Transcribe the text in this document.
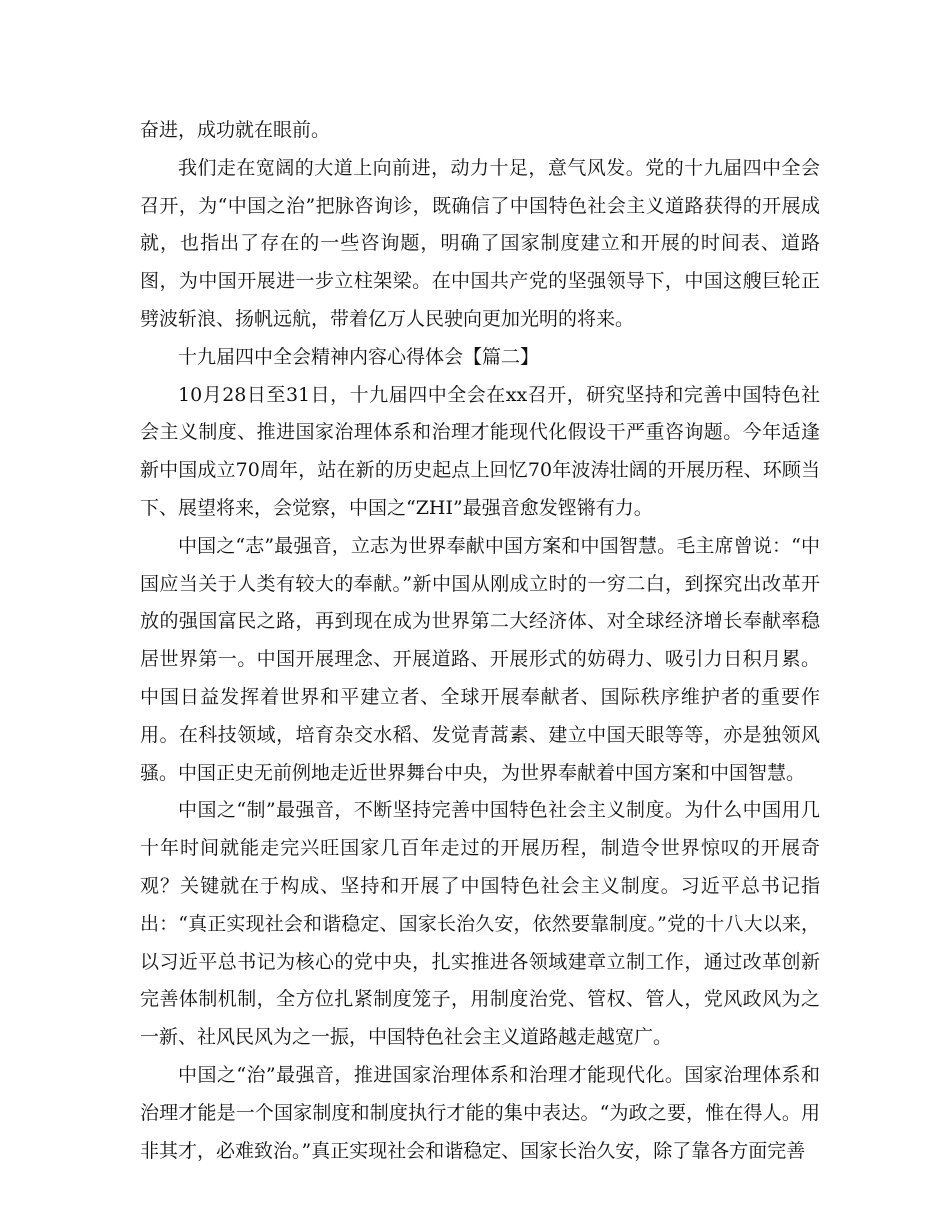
奋进，成功就在眼前。

我们走在宽阔的大道上向前进，动力十足，意气风发。党的十九届四中全会召开，为“中国之治”把脉咨询诊，既确信了中国特色社会主义道路获得的开展成就，也指出了存在的一些咨询题，明确了国家制度建立和开展的时间表、道路图，为中国开展进一步立柱架梁。在中国共产党的坚强领导下，中国这艘巨轮正劈波斩浪、扬帆远航，带着亿万人民驶向更加光明的将来。

十九届四中全会精神内容心得体会【篇二】

10月28日至31日，十九届四中全会在xx召开，研究坚持和完善中国特色社会主义制度、推进国家治理体系和治理才能现代化假设干严重咨询题。今年适逢新中国成立70周年，站在新的历史起点上回忆70年波涛壮阔的开展历程、环顾当下、展望将来，会觉察，中国之“ZHI”最强音愈发铿锵有力。

中国之“志”最强音，立志为世界奉献中国方案和中国智慧。毛主席曾说：“中国应当关于人类有较大的奉献。”新中国从刚成立时的一穷二白，到探究出改革开放的强国富民之路，再到现在成为世界第二大经济体、对全球经济增长奉献率稳居世界第一。中国开展理念、开展道路、开展形式的妨碍力、吸引力日积月累。中国日益发挥着世界和平建立者、全球开展奉献者、国际秩序维护者的重要作用。在科技领域，培育杂交水稻、发觉青蒿素、建立中国天眼等等，亦是独领风骚。中国正史无前例地走近世界舞台中央，为世界奉献着中国方案和中国智慧。

中国之“制”最强音，不断坚持完善中国特色社会主义制度。为什么中国用几十年时间就能走完兴旺国家几百年走过的开展历程，制造令世界惊叹的开展奇观？关键就在于构成、坚持和开展了中国特色社会主义制度。习近平总书记指出：“真正实现社会和谐稳定、国家长治久安，依然要靠制度。”党的十八大以来，以习近平总书记为核心的党中央，扎实推进各领域建章立制工作，通过改革创新完善体制机制，全方位扎紧制度笼子，用制度治党、管权、管人，党风政风为之一新、社风民风为之一振，中国特色社会主义道路越走越宽广。

中国之“治”最强音，推进国家治理体系和治理才能现代化。国家治理体系和治理才能是一个国家制度和制度执行才能的集中表达。“为政之要，惟在得人。用非其才，必难致治。”真正实现社会和谐稳定、国家长治久安，除了靠各方面完善
